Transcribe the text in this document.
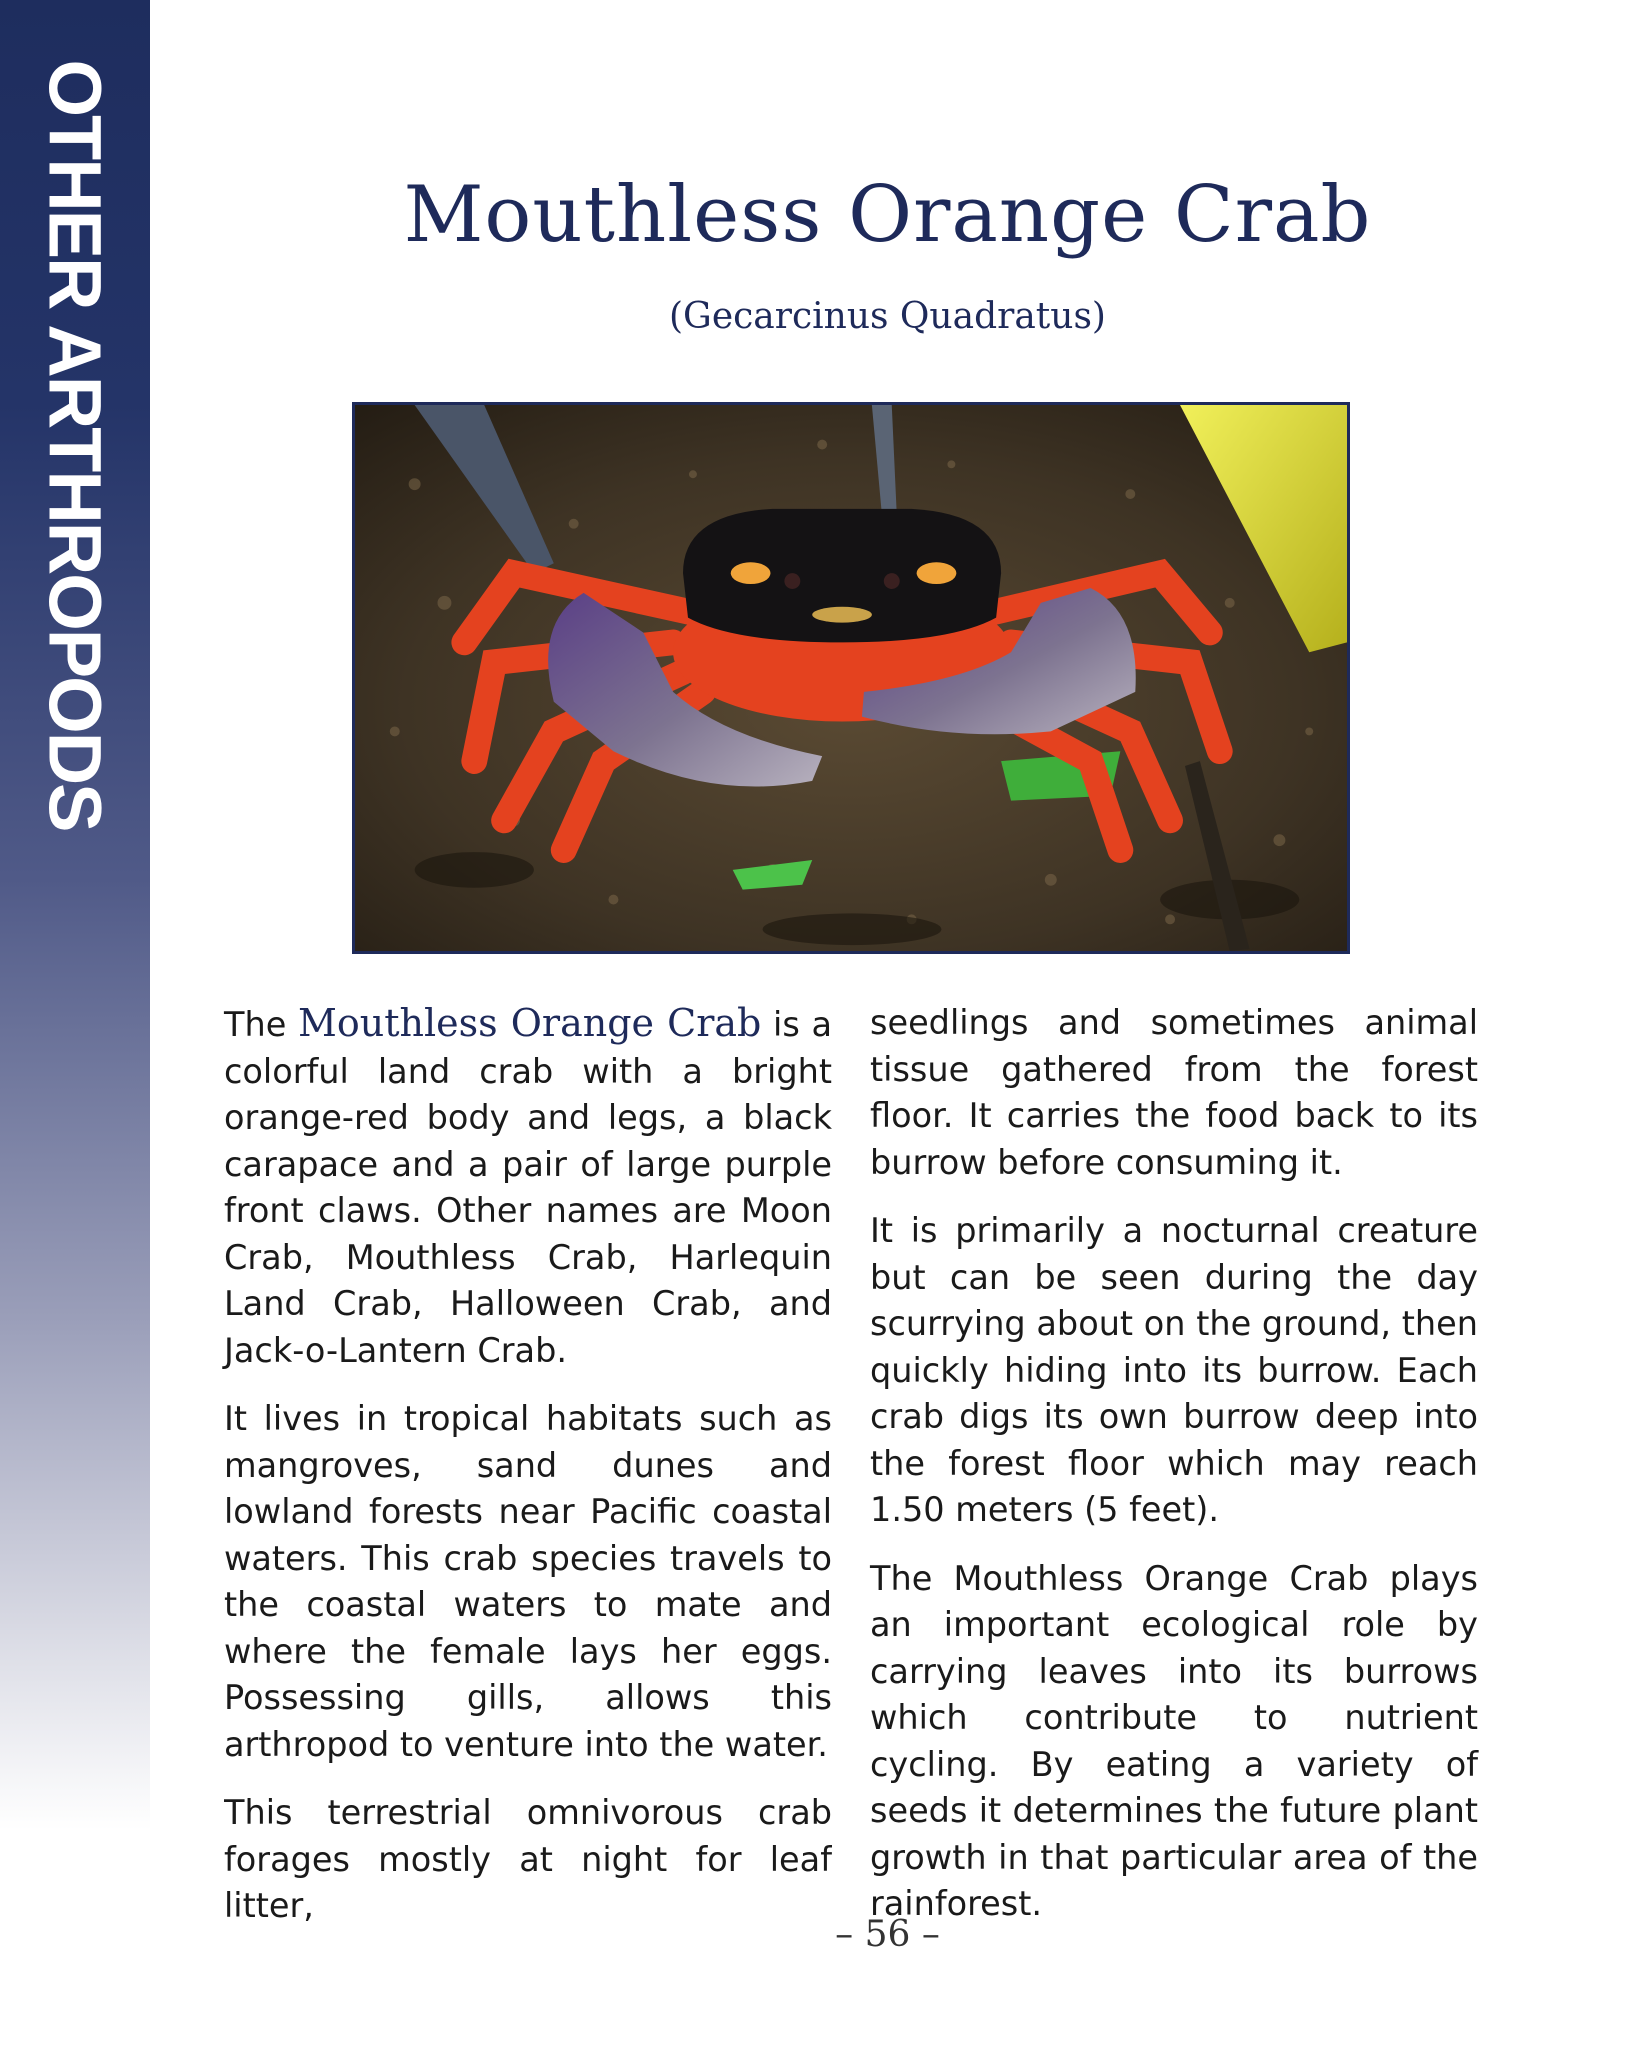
OTHER ARTHROPODS	Mouthless Orange Crab
(Gecarcinus Quadratus)

The Mouthless Orange Crab is a colorful land crab with a bright orange-red body and legs, a black carapace and a pair of large purple front claws. Other names are Moon Crab, Mouthless Crab, Harlequin Land Crab, Halloween Crab, and Jack-o-Lantern Crab.

It lives in tropical habitats such as mangroves, sand dunes and lowland forests near Pacific coastal waters. This crab species travels to the coastal waters to mate and where the female lays her eggs. Possessing gills, allows this arthropod to venture into the water.

This terrestrial omnivorous crab forages mostly at night for leaf litter,

seedlings and sometimes animal tissue gathered from the forest floor. It carries the food back to its burrow before consuming it.

It is primarily a nocturnal creature but can be seen during the day scurrying about on the ground, then quickly hiding into its burrow. Each crab digs its own burrow deep into the forest floor which may reach 1.50 meters (5 feet).

The Mouthless Orange Crab plays an important ecological role by carrying leaves into its burrows which contribute to nutrient cycling. By eating a variety of seeds it determines the future plant growth in that particular area of the rainforest.

– 56 –
